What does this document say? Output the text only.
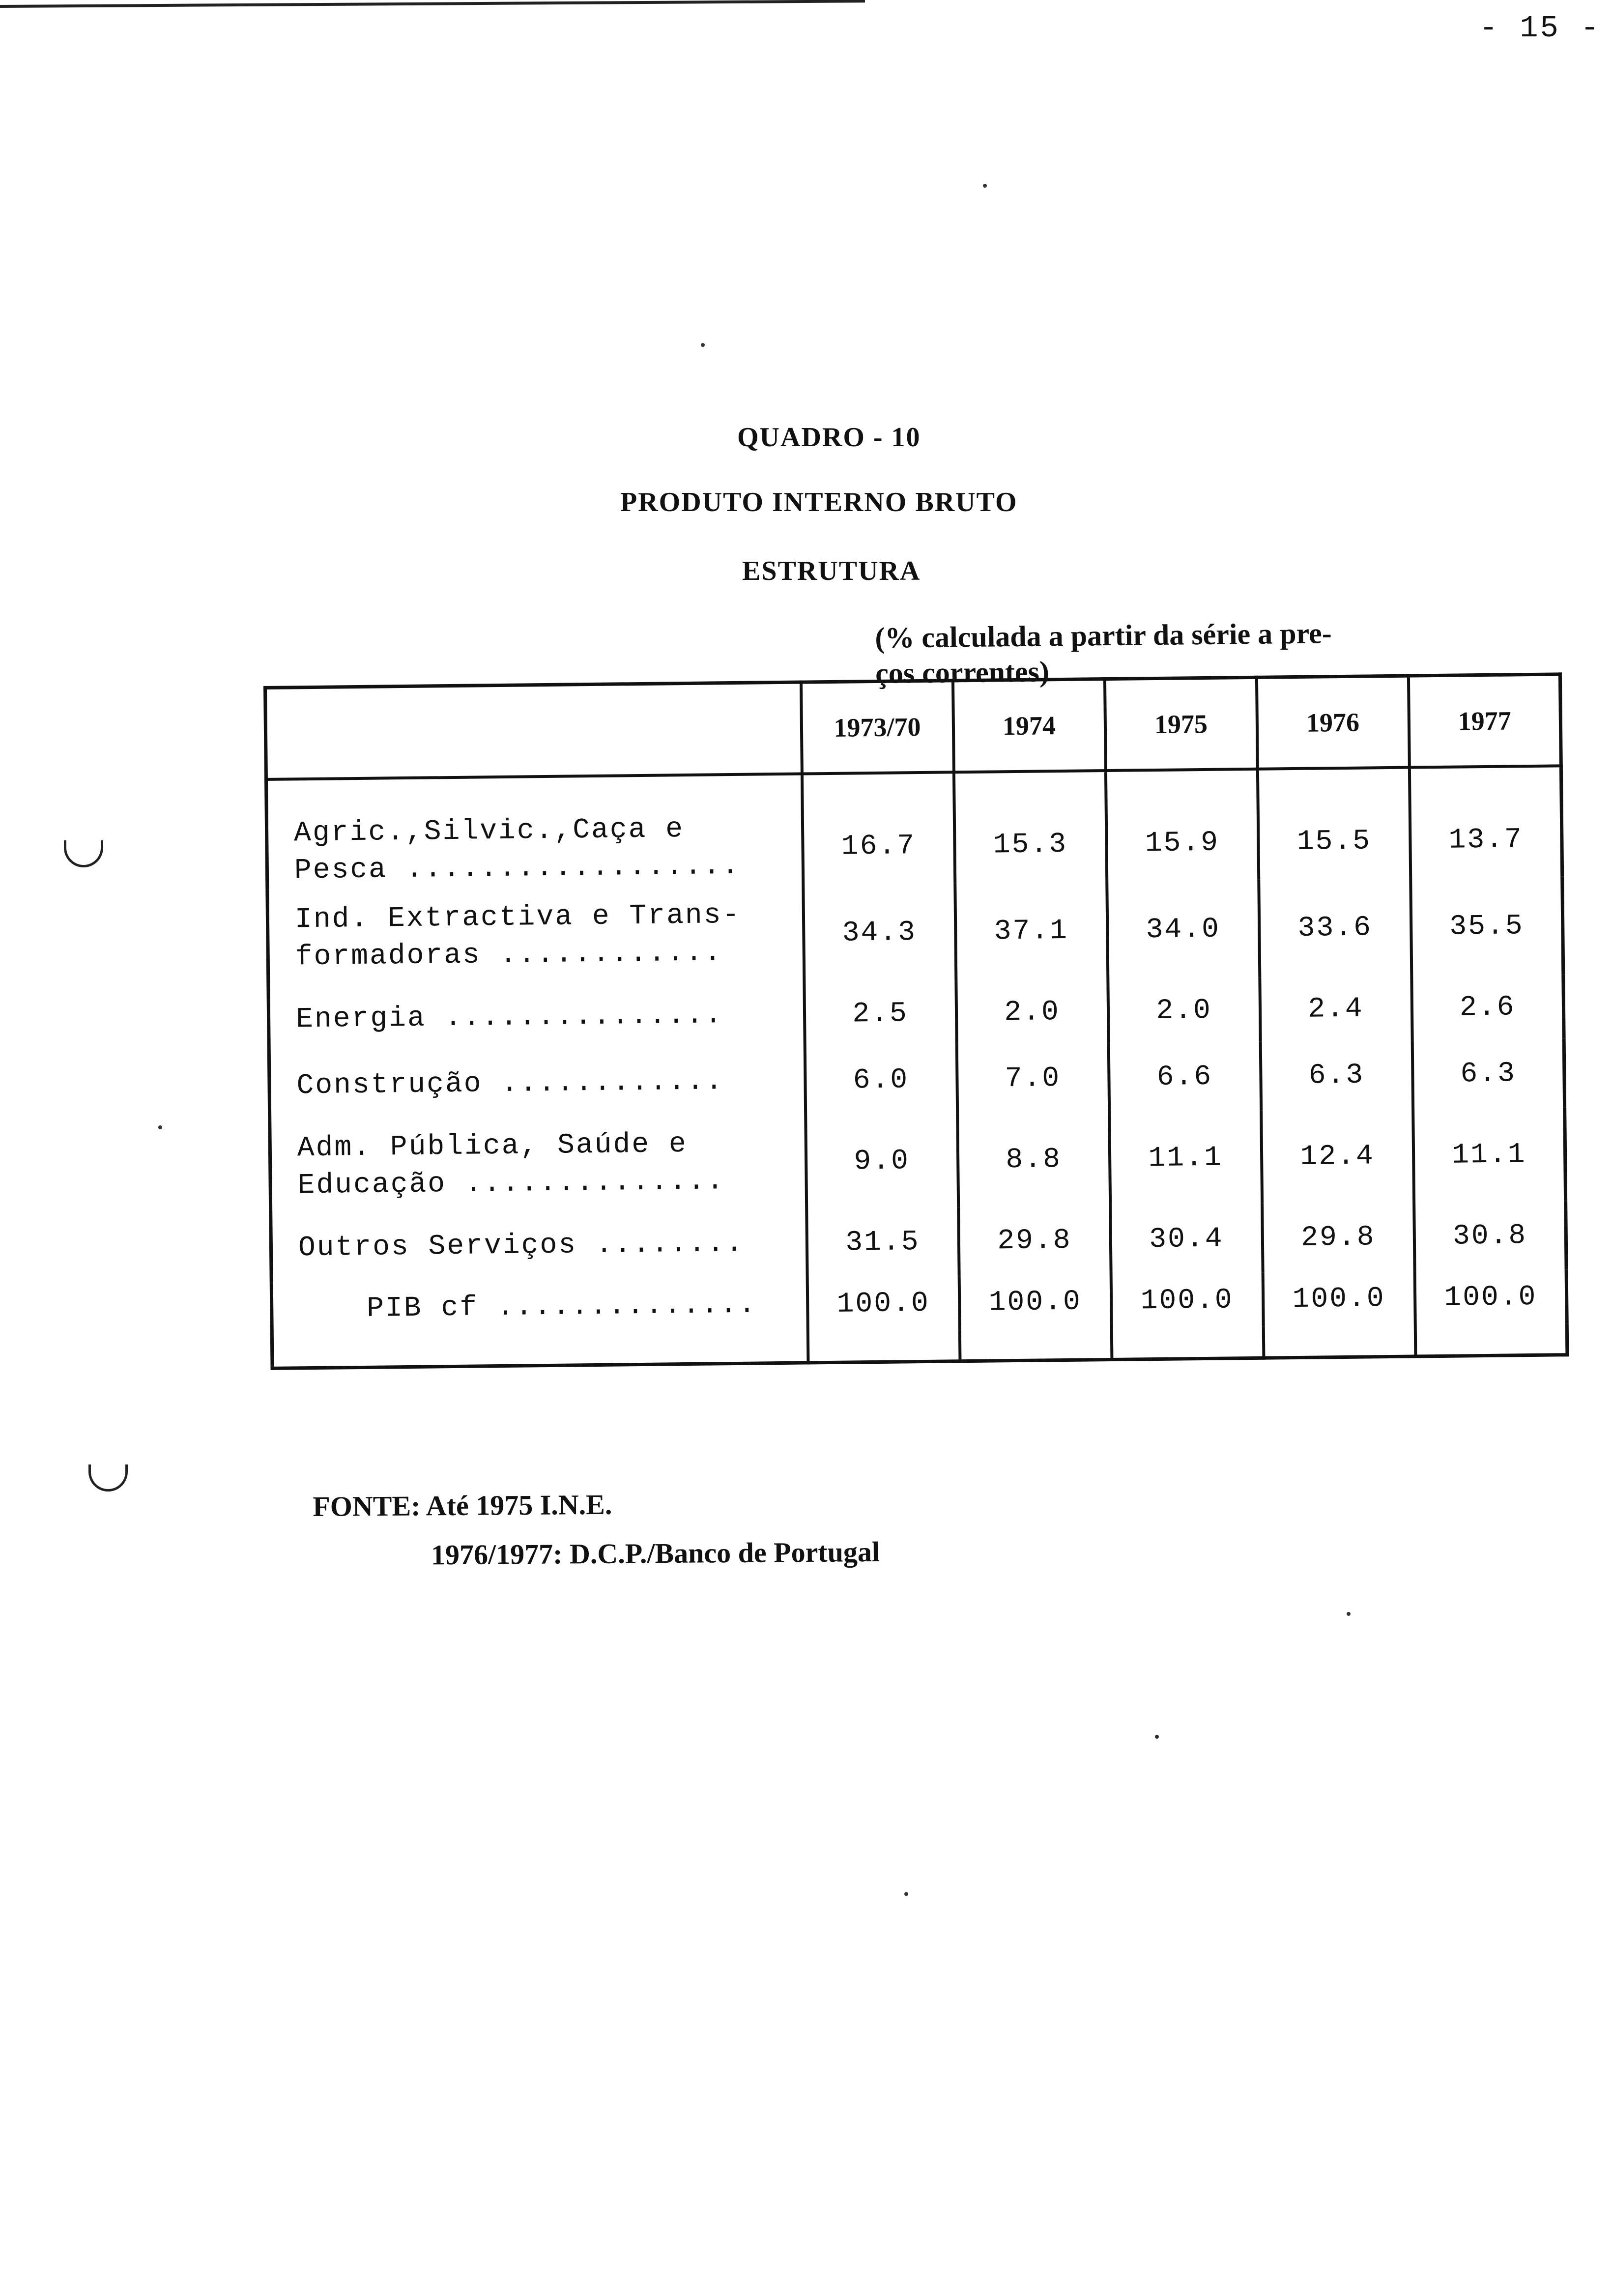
- 15 -
QUADRO - 10
PRODUTO INTERNO BRUTO
ESTRUTURA
(% calculada a partir da série a pre-
ços correntes)
	1973/70	1974	1975	1976	1977
Agric.,Silvic.,Caça e
Pesca ..................	16.7	15.3	15.9	15.5	13.7
Ind. Extractiva e Trans-
formadoras ............	34.3	37.1	34.0	33.6	35.5
Energia ...............	2.5	2.0	2.0	2.4	2.6
Construção ............	6.0	7.0	6.6	6.3	6.3
Adm. Pública, Saúde e
Educação ..............	9.0	8.8	11.1	12.4	11.1
Outros Serviços ........	31.5	29.8	30.4	29.8	30.8
PIB cf ..............	100.0	100.0	100.0	100.0	100.0

FONTE: Até 1975 I.N.E.
1976/1977: D.C.P./Banco de Portugal
